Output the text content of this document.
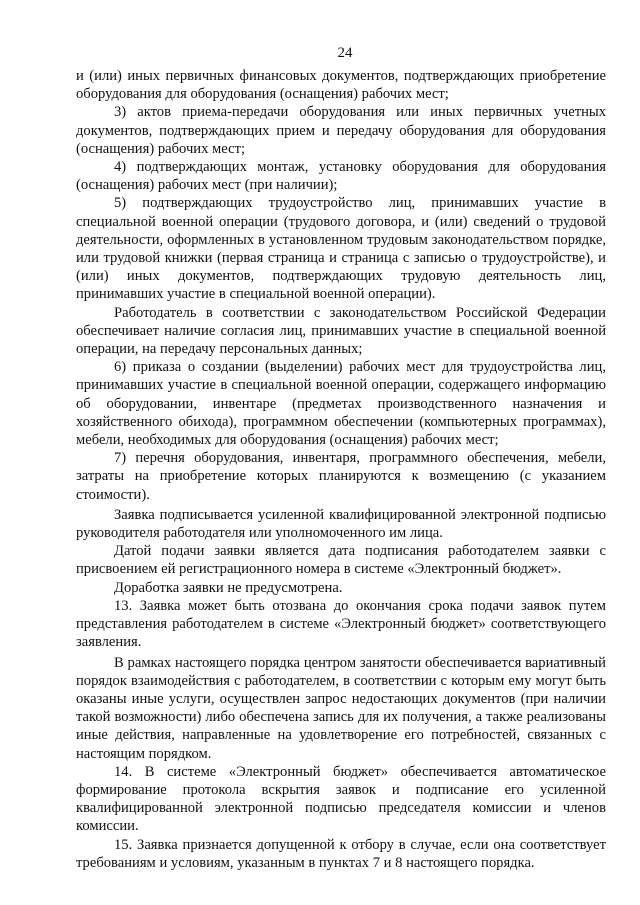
24

и (или) иных первичных финансовых документов, подтверждающих приобретение оборудования для оборудования (оснащения) рабочих мест;

3) актов приема-передачи оборудования или иных первичных учетных документов, подтверждающих прием и передачу оборудования для оборудования (оснащения) рабочих мест;

4) подтверждающих монтаж, установку оборудования для оборудования (оснащения) рабочих мест (при наличии);

5) подтверждающих трудоустройство лиц, принимавших участие в специальной военной операции (трудового договора, и (или) сведений о трудовой деятельности, оформленных в установленном трудовым законодательством порядке, или трудовой книжки (первая страница и страница с записью о трудоустройстве), и (или) иных документов, подтверждающих трудовую деятельность лиц, принимавших участие в специальной военной операции).

Работодатель в соответствии с законодательством Российской Федерации обеспечивает наличие согласия лиц, принимавших участие в специальной военной операции, на передачу персональных данных;

6) приказа о создании (выделении) рабочих мест для трудоустройства лиц, принимавших участие в специальной военной операции, содержащего информацию об оборудовании, инвентаре (предметах производственного назначения и хозяйственного обихода), программном обеспечении (компьютерных программах), мебели, необходимых для оборудования (оснащения) рабочих мест;

7) перечня оборудования, инвентаря, программного обеспечения, мебели, затраты на приобретение которых планируются к возмещению (с указанием стоимости).

Заявка подписывается усиленной квалифицированной электронной подписью руководителя работодателя или уполномоченного им лица.

Датой подачи заявки является дата подписания работодателем заявки с присвоением ей регистрационного номера в системе «Электронный бюджет».

Доработка заявки не предусмотрена.

13. Заявка может быть отозвана до окончания срока подачи заявок путем представления работодателем в системе «Электронный бюджет» соответствующего заявления.

В рамках настоящего порядка центром занятости обеспечивается вариативный порядок взаимодействия с работодателем, в соответствии с которым ему могут быть оказаны иные услуги, осуществлен запрос недостающих документов (при наличии такой возможности) либо обеспечена запись для их получения, а также реализованы иные действия, направленные на удовлетворение его потребностей, связанных с настоящим порядком.

14. В системе «Электронный бюджет» обеспечивается автоматическое формирование протокола вскрытия заявок и подписание его усиленной квалифицированной электронной подписью председателя комиссии и членов комиссии.

15. Заявка признается допущенной к отбору в случае, если она соответствует требованиям и условиям, указанным в пунктах 7 и 8 настоящего порядка.
